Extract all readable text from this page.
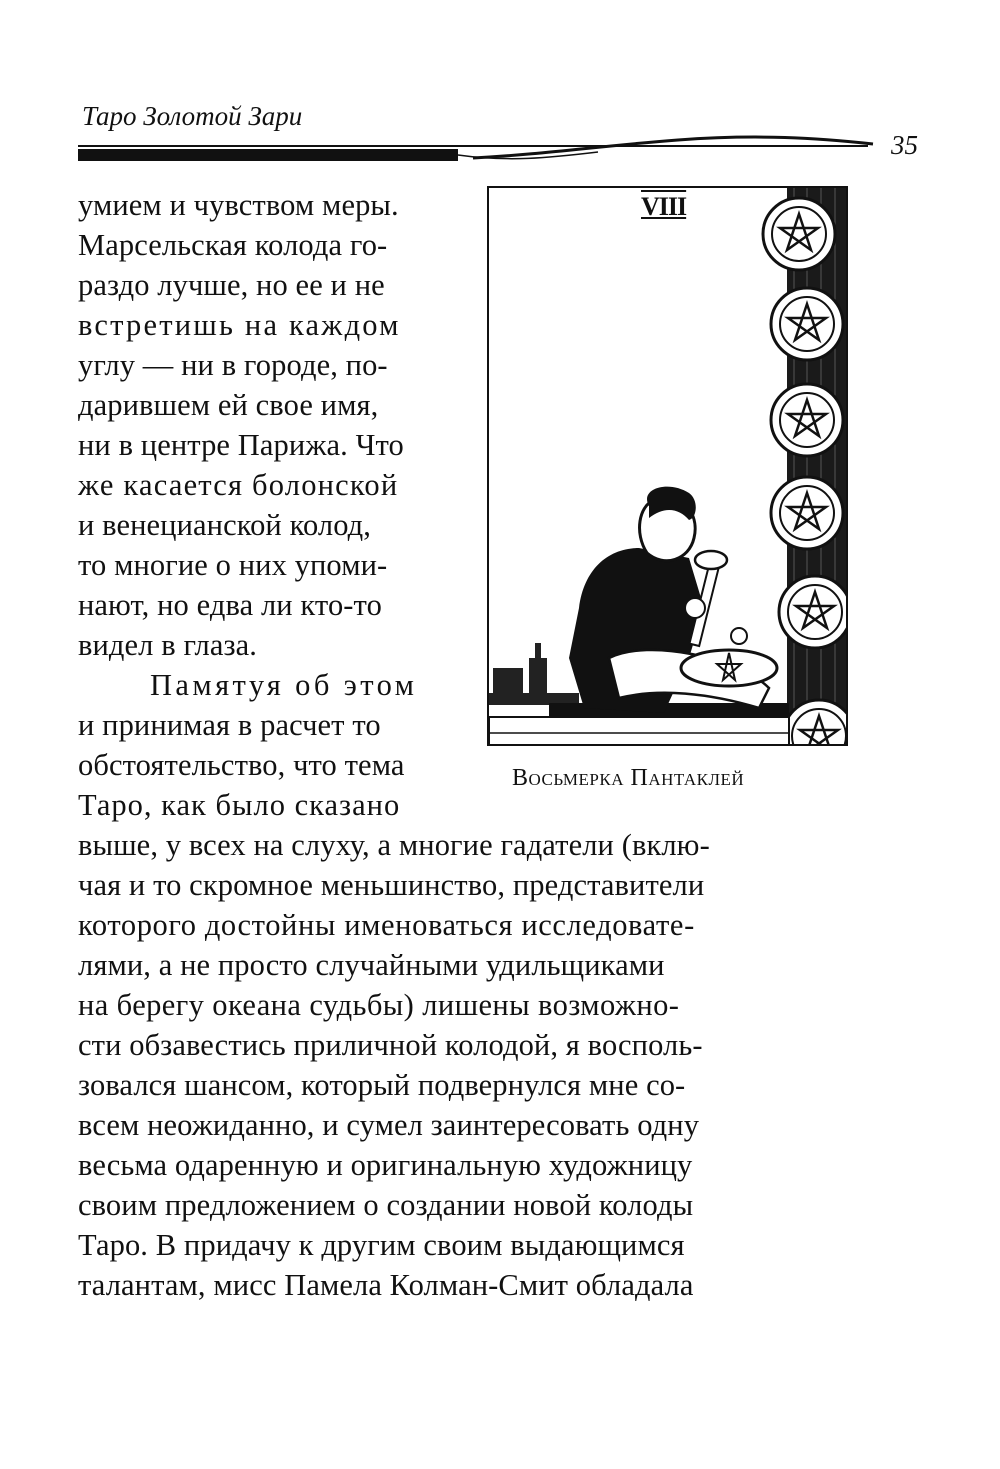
Таро Золотой Зари
35
VIII
Восьмерка Пантаклей
умием и чувством меры.
Марсельская колода го-
раздо лучше, но ее и не
встретишь на каждом
углу — ни в городе, по-
дарившем ей свое имя,
ни в центре Парижа. Что
же касается болонской
и венецианской колод,
то многие о них упоми-
нают, но едва ли кто-то
видел в глаза.
Памятуя об этом
и принимая в расчет то
обстоятельство, что тема
Таро, как было сказано
выше, у всех на слуху, а многие гадатели (вклю-
чая и то скромное меньшинство, представители
которого достойны именоваться исследовате-
лями, а не просто случайными удильщиками
на берегу океана судьбы) лишены возможно-
сти обзавестись приличной колодой, я восполь-
зовался шансом, который подвернулся мне со-
всем неожиданно, и сумел заинтересовать одну
весьма одаренную и оригинальную художницу
своим предложением о создании новой колоды
Таро. В придачу к другим своим выдающимся
талантам, мисс Памела Колман-Смит обладала
